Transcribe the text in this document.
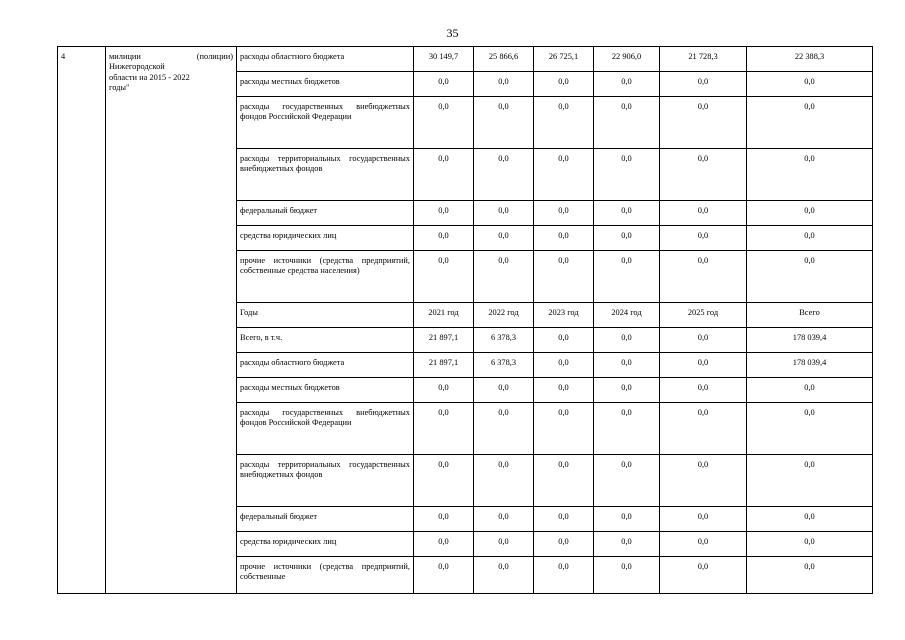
35
4	милиции (полиции)
Нижегородской
области на 2015 - 2022
годы"	расходы областного бюджета	30 149,7	25 866,6	26 725,1	22 906,0	21 728,3	22 388,3
		расходы местных бюджетов	0,0	0,0	0,0	0,0	0,0	0,0
		расходы государственных внебюджетных фондов Российской Федерации	0,0	0,0	0,0	0,0	0,0	0,0
		расходы территориальных государственных внебюджетных фондов	0,0	0,0	0,0	0,0	0,0	0,0
		федеральный бюджет	0,0	0,0	0,0	0,0	0,0	0,0
		средства юридических лиц	0,0	0,0	0,0	0,0	0,0	0,0
		прочие источники (средства предприятий, собственные средства населения)	0,0	0,0	0,0	0,0	0,0	0,0
		Годы	2021 год	2022 год	2023 год	2024 год	2025 год	Всего
		Всего, в т.ч.	21 897,1	6 378,3	0,0	0,0	0,0	178 039,4
		расходы областного бюджета	21 897,1	6 378,3	0,0	0,0	0,0	178 039,4
		расходы местных бюджетов	0,0	0,0	0,0	0,0	0,0	0,0
		расходы государственных внебюджетных фондов Российской Федерации	0,0	0,0	0,0	0,0	0,0	0,0
		расходы территориальных государственных внебюджетных фондов	0,0	0,0	0,0	0,0	0,0	0,0
		федеральный бюджет	0,0	0,0	0,0	0,0	0,0	0,0
		средства юридических лиц	0,0	0,0	0,0	0,0	0,0	0,0
		прочие источники (средства предприятий, собственные	0,0	0,0	0,0	0,0	0,0	0,0
